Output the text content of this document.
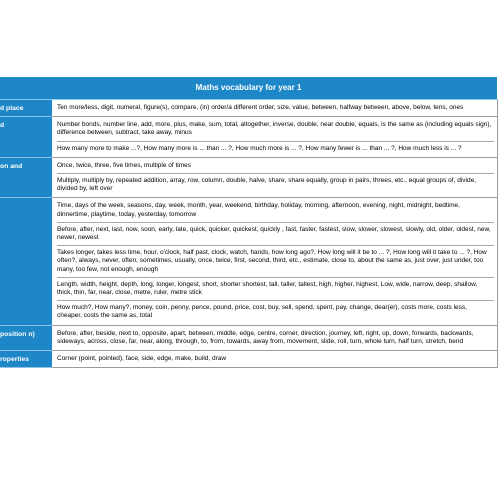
Maths vocabulary for year 1	
d place	Ten more/less, digit, numeral, figure(s), compare, (in) order/a different order, size, value, between, halfway between, above, below, tens, ones

d	Number bonds, number line, add, more, plus, make, sum, total, altogether, inverse, double, near double, equals, is the same as (including equals sign), difference between, subtract, take away, minus

How many more to make ...?, How many more is ... than ... ?, How much more is ... ?, How many fewer is ... than ... ?, How much less is ... ?

on and	Once, twice, three, five times, multiple of times

Multiply, multiply by, repeated addition, array, row, column, double, halve, share, share equally, group in pairs, threes, etc., equal groups of, divide, divided by, left over

	Time, days of the week, seasons, day, week, month, year, weekend, birthday, holiday, morning, afternoon, evening, night, midnight, bedtime, dinnertime, playtime, today, yesterday, tomorrow

Before, after, next, last, now, soon, early, late, quick, quicker, quickest, quickly , fast, faster, fastest, slow, slower, slowest, slowly, old, older, oldest, new, newer, newest

Takes longer, takes less time, hour, o'clock, half past, clock, watch, hands, how long ago?, How long will it be to ... ?, How long will it take to ... ?, How often?, always, never, often, sometimes, usually, once, twice, first, second, third, etc., estimate, close to, about the same as, just over, just under, too many, too few, not enough, enough

Length, width, height, depth, long, longer, longest, short, shorter shortest, tall, taller, tallest, high, higher, highest, Low, wide, narrow, deep, shallow, thick, thin, far, near, close, metre, ruler, metre stick

How much?, How many?, money, coin, penny, pence, pound, price, cost, buy, sell, spend, spent, pay, change, dear(er), costs more, costs less, cheaper, costs the same as, total

position n)	Before, after, beside, next to, opposite, apart, between, middle, edge, centre, corner, direction, journey, left, right, up, down, forwards, backwards, sideways, across, close, far, near, along, through, to, from, towards, away from, movement, slide, roll, turn, whole turn, half turn, stretch, bend

roperties	Corner (point, pointed), face, side, edge, make, build, draw
